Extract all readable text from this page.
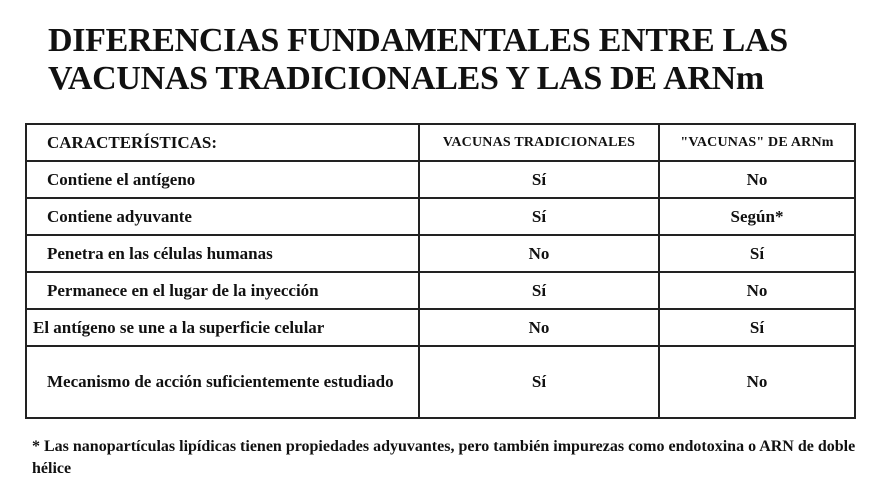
DIFERENCIAS FUNDAMENTALES ENTRE LAS
VACUNAS TRADICIONALES Y LAS DE ARNm
CARACTERÍSTICAS:	VACUNAS TRADICIONALES	"VACUNAS" DE ARNm
Contiene el antígeno	Sí	No
Contiene adyuvante	Sí	Según*
Penetra en las células humanas	No	Sí
Permanece en el lugar de la inyección	Sí	No
El antígeno se une a la superficie celular	No	Sí
Mecanismo de acción suficientemente estudiado	Sí	No
* Las nanopartículas lipídicas tienen propiedades adyuvantes, pero también impurezas como endotoxina o ARN de doble hélice
